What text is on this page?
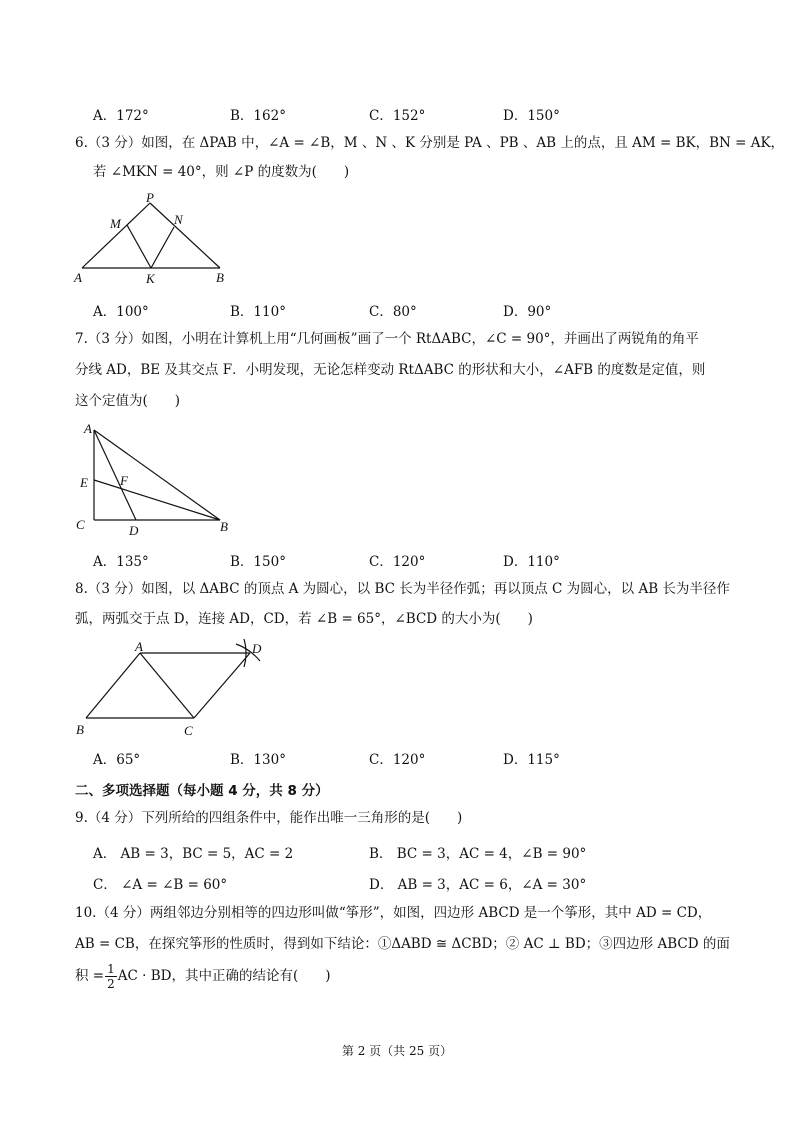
A．172°	B．162°	C．152°	D．150°
6.（3 分）如图，在 ΔPAB 中，∠A = ∠B，M 、N 、K 分别是 PA 、PB 、AB 上的点，且 AM = BK，BN = AK，
若 ∠MKN = 40°，则 ∠P 的度数为(　　)
P
M	N
A	K	B
A．100°	B．110°	C．80°	D．90°
7.（3 分）如图，小明在计算机上用“几何画板”画了一个 RtΔABC，∠C = 90°，并画出了两锐角的角平
分线 AD，BE 及其交点 F．小明发现，无论怎样变动 RtΔABC 的形状和大小，∠AFB 的度数是定值，则
这个定值为(　　)
A
E F
C	D	B
A．135°	B．150°	C．120°	D．110°
8.（3 分）如图，以 ΔABC 的顶点 A 为圆心，以 BC 长为半径作弧；再以顶点 C 为圆心，以 AB 长为半径作
弧，两弧交于点 D，连接 AD，CD，若 ∠B = 65°，∠BCD 的大小为(　　)
A	D
B	C
A．65°	B．130°	C．120°	D．115°
二、多项选择题（每小题 4 分，共 8 分）
9.（4 分）下列所给的四组条件中，能作出唯一三角形的是(　　)
A． AB = 3，BC = 5，AC = 2	B． BC = 3，AC = 4，∠B = 90°
C． ∠A = ∠B = 60°	D． AB = 3，AC = 6，∠A = 30°
10.（4 分）两组邻边分别相等的四边形叫做“筝形”，如图，四边形 ABCD 是一个筝形，其中 AD = CD，
AB = CB，在探究筝形的性质时，得到如下结论：①ΔABD ≅ ΔCBD；② AC ⊥ BD；③四边形 ABCD 的面
积 = $\frac{1}{2}$ AC · BD，其中正确的结论有(　　)
第 2 页（共 25 页）
